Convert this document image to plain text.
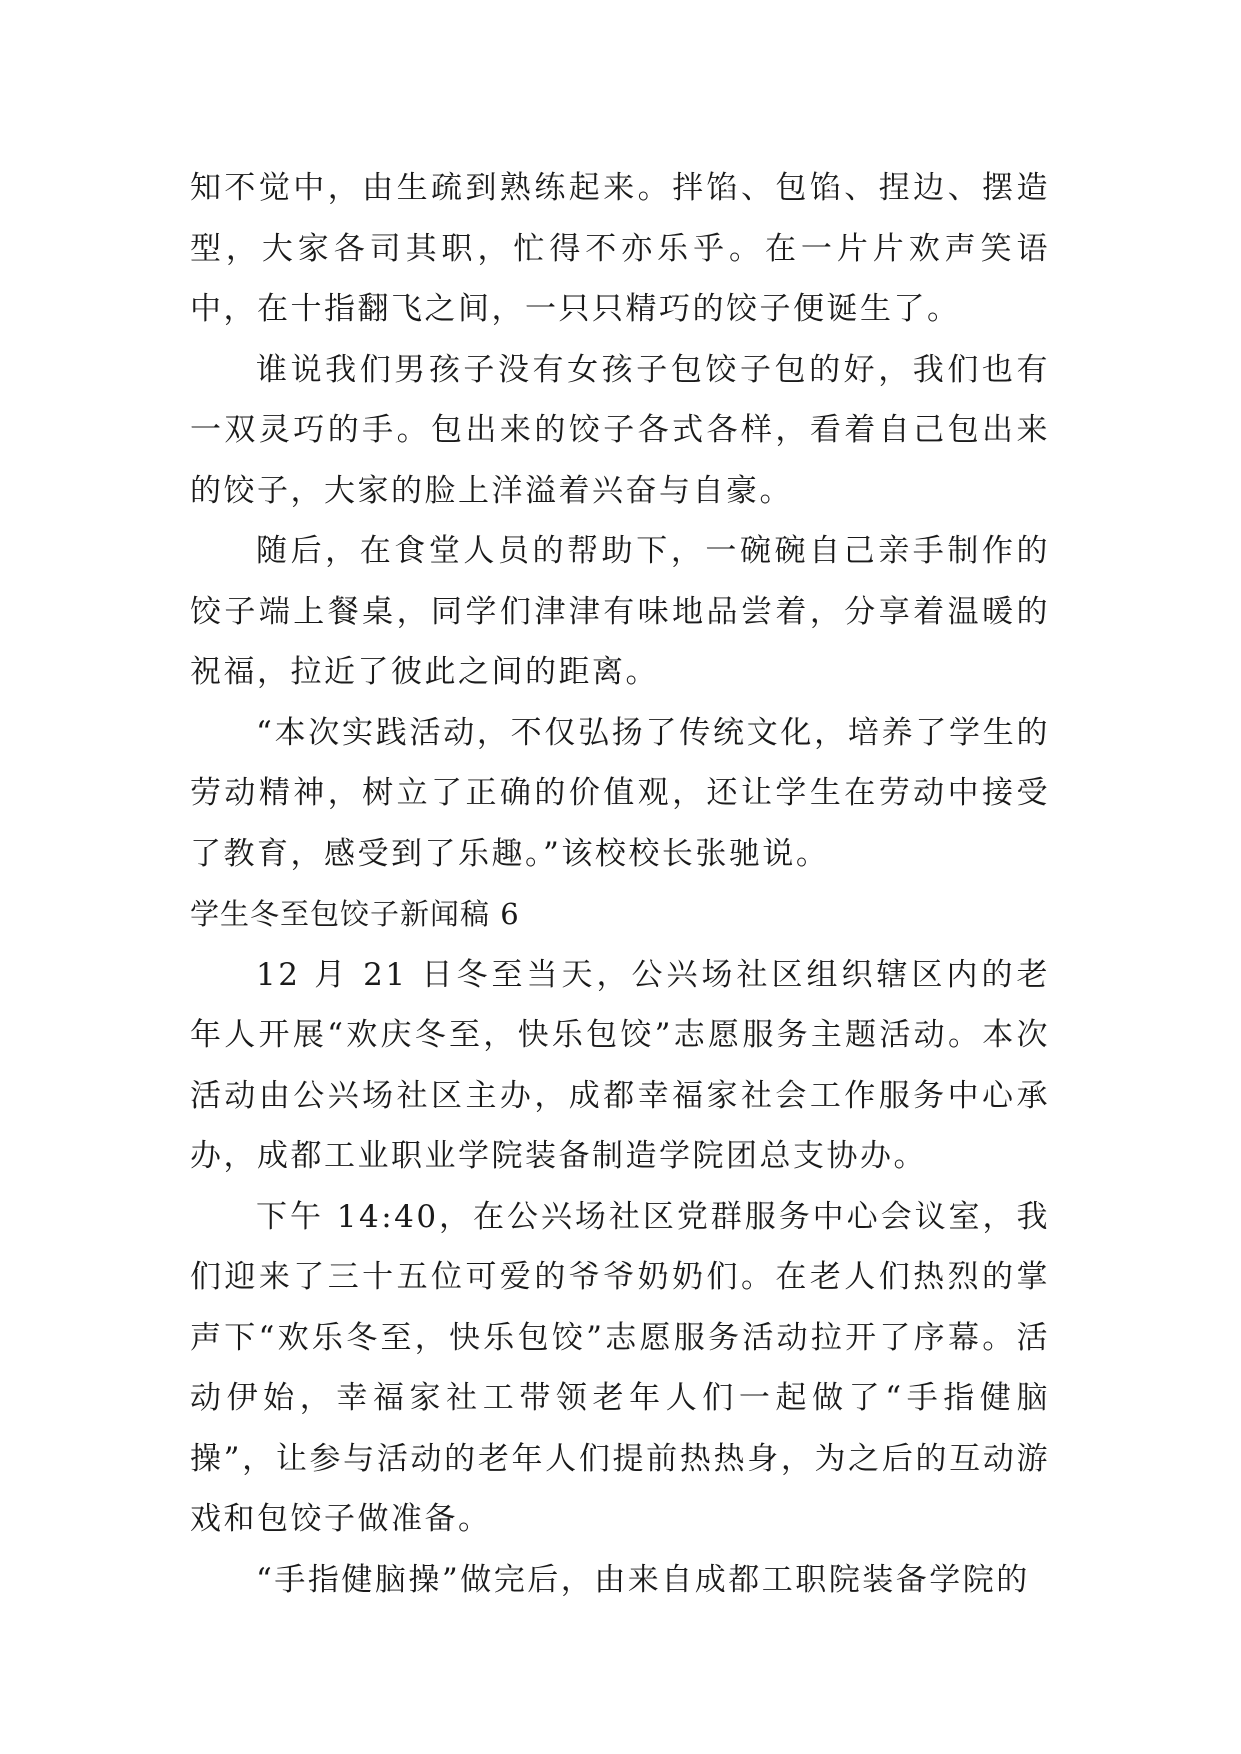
知不觉中，由生疏到熟练起来。拌馅、包馅、捏边、摆造型，大家各司其职，忙得不亦乐乎。在一片片欢声笑语中，在十指翻飞之间，一只只精巧的饺子便诞生了。

谁说我们男孩子没有女孩子包饺子包的好，我们也有一双灵巧的手。包出来的饺子各式各样，看着自己包出来的饺子，大家的脸上洋溢着兴奋与自豪。

随后，在食堂人员的帮助下，一碗碗自己亲手制作的饺子端上餐桌，同学们津津有味地品尝着，分享着温暖的祝福，拉近了彼此之间的距离。

“本次实践活动，不仅弘扬了传统文化，培养了学生的劳动精神，树立了正确的价值观，还让学生在劳动中接受了教育，感受到了乐趣。”该校校长张驰说。

学生冬至包饺子新闻稿 6

12 月 21 日冬至当天，公兴场社区组织辖区内的老年人开展“欢庆冬至，快乐包饺”志愿服务主题活动。本次活动由公兴场社区主办，成都幸福家社会工作服务中心承办，成都工业职业学院装备制造学院团总支协办。

下午 14:40，在公兴场社区党群服务中心会议室，我们迎来了三十五位可爱的爷爷奶奶们。在老人们热烈的掌声下“欢乐冬至，快乐包饺”志愿服务活动拉开了序幕。活动伊始，幸福家社工带领老年人们一起做了“手指健脑操”，让参与活动的老年人们提前热热身，为之后的互动游戏和包饺子做准备。

“手指健脑操”做完后，由来自成都工职院装备学院的
